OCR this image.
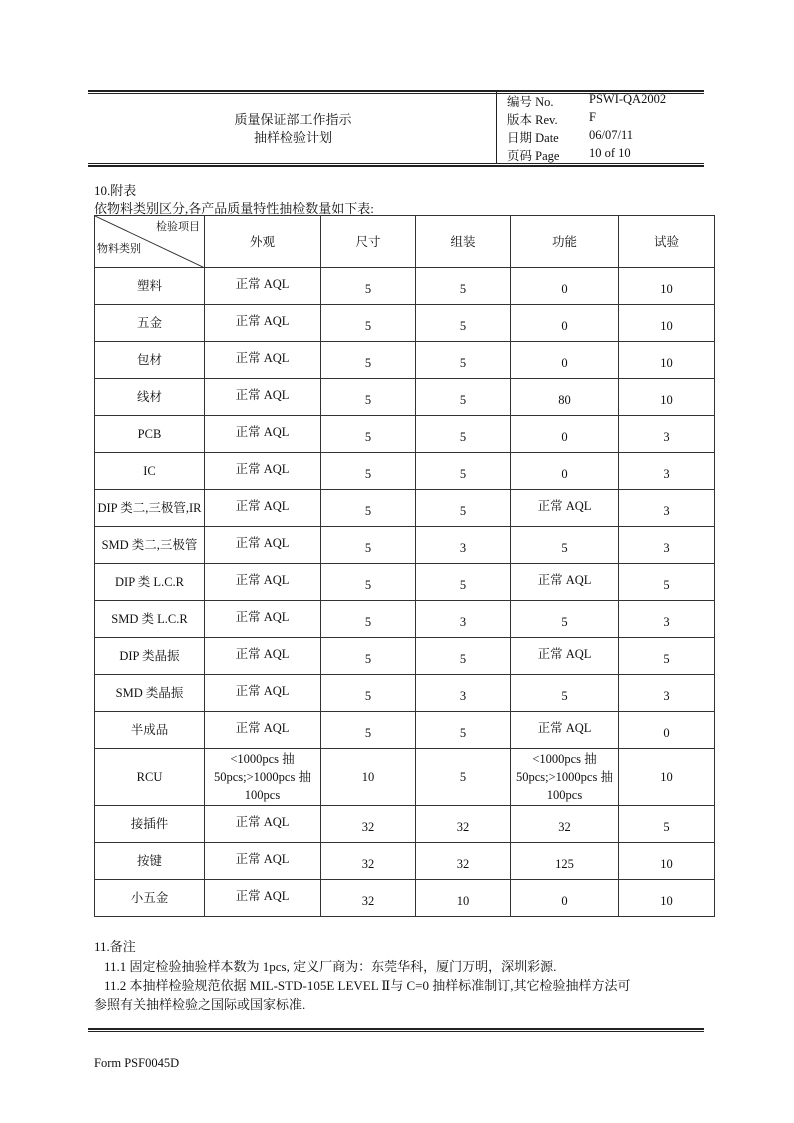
质量保证部工作指示
抽样检验计划
编号 No.	PSWI-QA2002
版本 Rev.	F
日期 Date	06/07/11
页码 Page	10 of 10
10.附表
依物料类别区分,各产品质量特性抽检数量如下表:
检验项目
物料类别	外观	尺寸	组装	功能	试验
塑料	正常 AQL	5	5	0	10
五金	正常 AQL	5	5	0	10
包材	正常 AQL	5	5	0	10
线材	正常 AQL	5	5	80	10
PCB	正常 AQL	5	5	0	3
IC	正常 AQL	5	5	0	3
DIP 类二,三极管,IR	正常 AQL	5	5	正常 AQL	3
SMD 类二,三极管	正常 AQL	5	3	5	3
DIP 类 L.C.R	正常 AQL	5	5	正常 AQL	5
SMD 类 L.C.R	正常 AQL	5	3	5	3
DIP 类晶振	正常 AQL	5	5	正常 AQL	5
SMD 类晶振	正常 AQL	5	3	5	3
半成品	正常 AQL	5	5	正常 AQL	0
RCU	<1000pcs 抽 50pcs;>1000pcs 抽 100pcs	10	5	<1000pcs 抽 50pcs;>1000pcs 抽 100pcs	10
接插件	正常 AQL	32	32	32	5
按键	正常 AQL	32	32	125	10
小五金	正常 AQL	32	10	0	10
11.备注
11.1 固定检验抽验样本数为 1pcs, 定义厂商为：东莞华科，厦门万明，深圳彩源.
11.2 本抽样检验规范依据 MIL-STD-105E LEVEL Ⅱ与 C=0 抽样标准制订,其它检验抽样方法可
参照有关抽样检验之国际或国家标准.
Form PSF0045D
